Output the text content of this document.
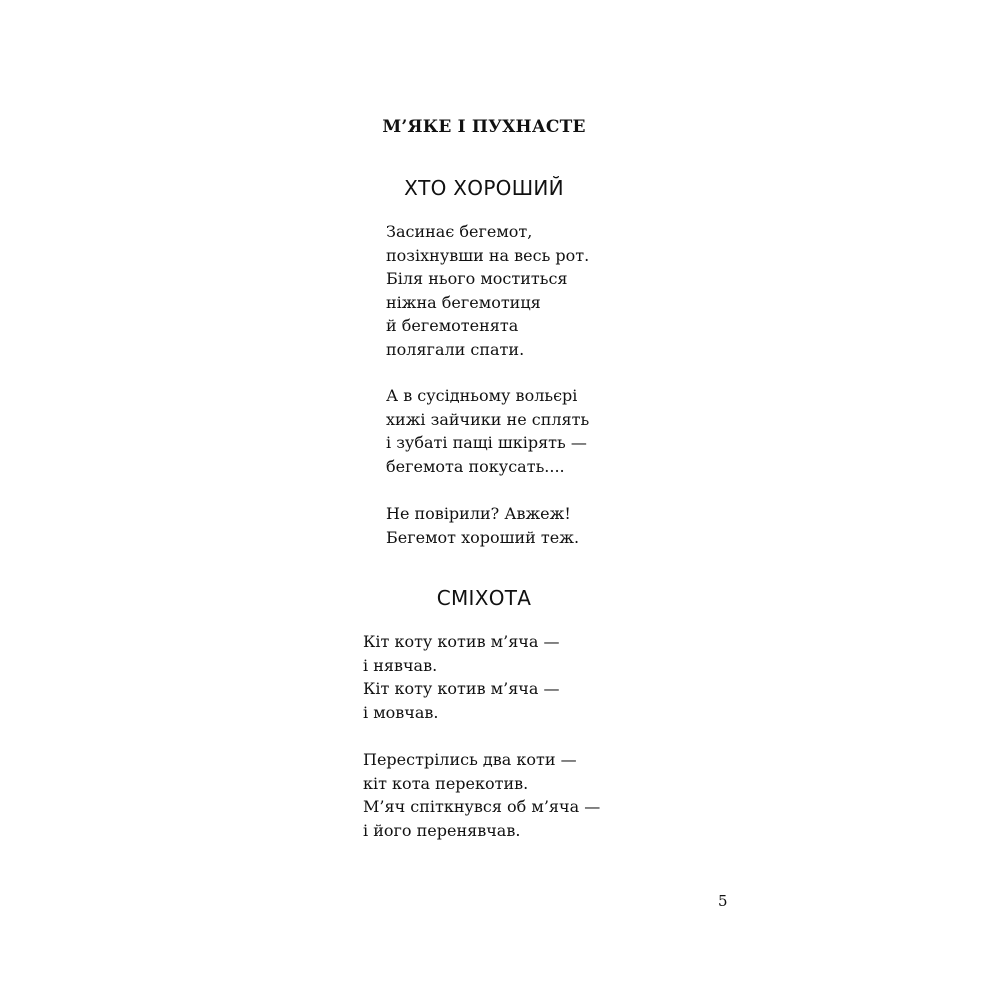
М’ЯКЕ І ПУХНАСТЕ
ХТО ХОРОШИЙ
Засинає бегемот,
позіхнувши на весь рот.
Біля нього моститься
ніжна бегемотиця
й бегемотенята
полягали спати.
А в сусідньому вольєрі
хижі зайчики не сплять
і зубаті пащі шкірять —
бегемота покусать....
Не повірили? Авжеж!
Бегемот хороший теж.
СМІХОТА
Кіт коту котив м’яча —
і нявчав.
Кіт коту котив м’яча —
і мовчав.
Перестрілись два коти —
кіт кота перекотив.
М’яч спіткнувся об м’яча —
і його перенявчав.
5
